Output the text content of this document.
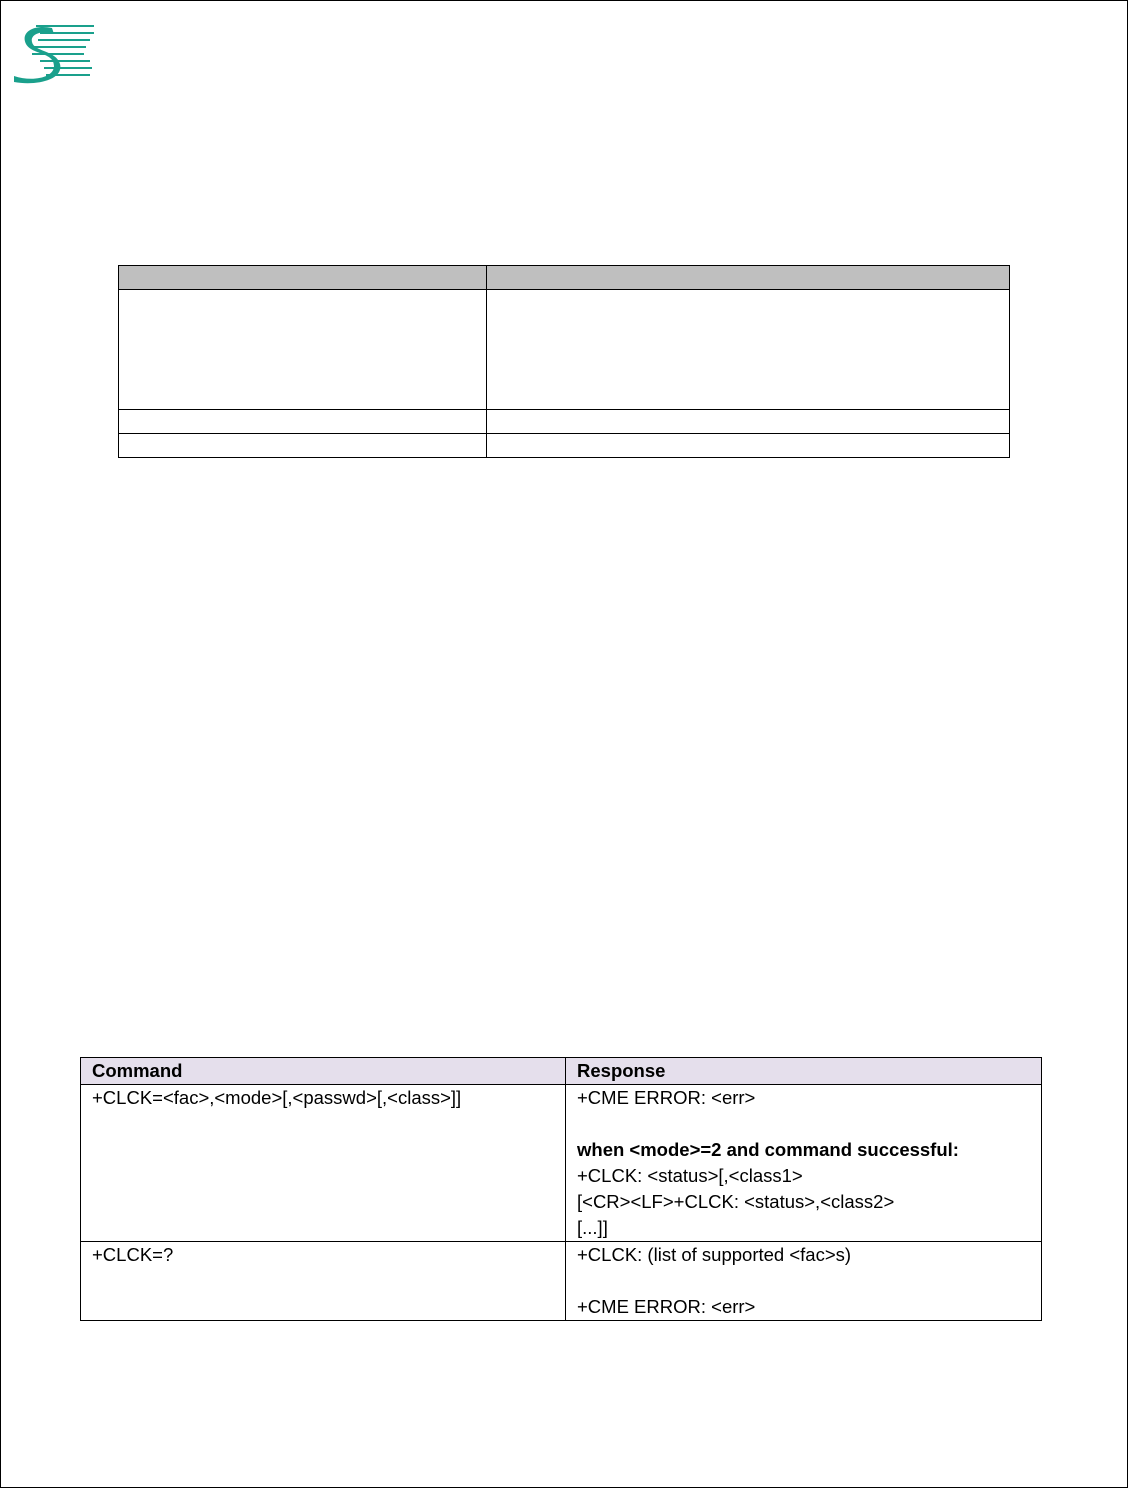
Command	Response
+CLCK=<fac>,<mode>[,<passwd>[,<class>]]	+CME ERROR: <err>
when <mode>=2 and command successful:
+CLCK: <status>[,<class1>
[<CR><LF>+CLCK: <status>,<class2>
[...]]

+CLCK=?	+CLCK: (list of supported <fac>s)
+CME ERROR: <err>
